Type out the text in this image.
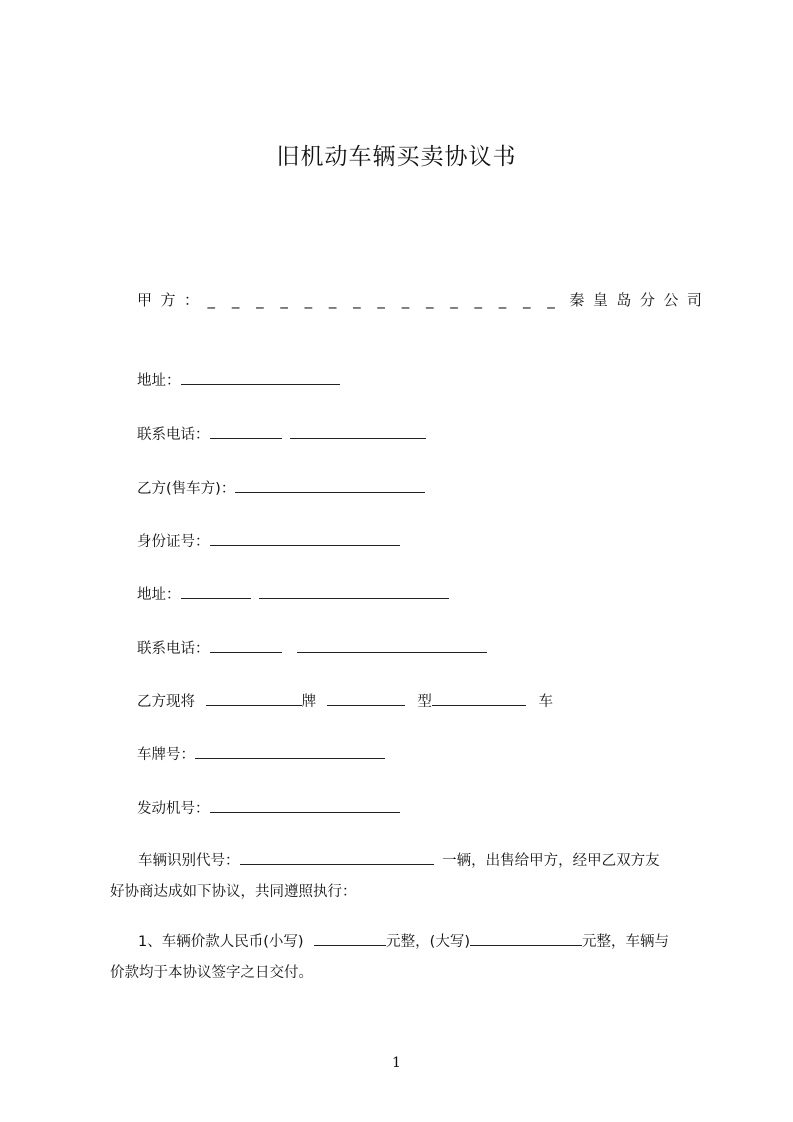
旧机动车辆买卖协议书
甲 方 ： _ _ _ _ _ _ _ _ _ _ _ _ _ _ _ 秦 皇 岛 分 公 司
地址：
联系电话：
乙方(售车方)：
身份证号：
地址：
联系电话：
乙方现将	牌	型	车
车牌号：
发动机号：
车辆识别代号：	一辆，出售给甲方，经甲乙双方友
好协商达成如下协议，共同遵照执行：
1、车辆价款人民币(小写)	元整，(大写)	元整，车辆与
价款均于本协议签字之日交付。
1
